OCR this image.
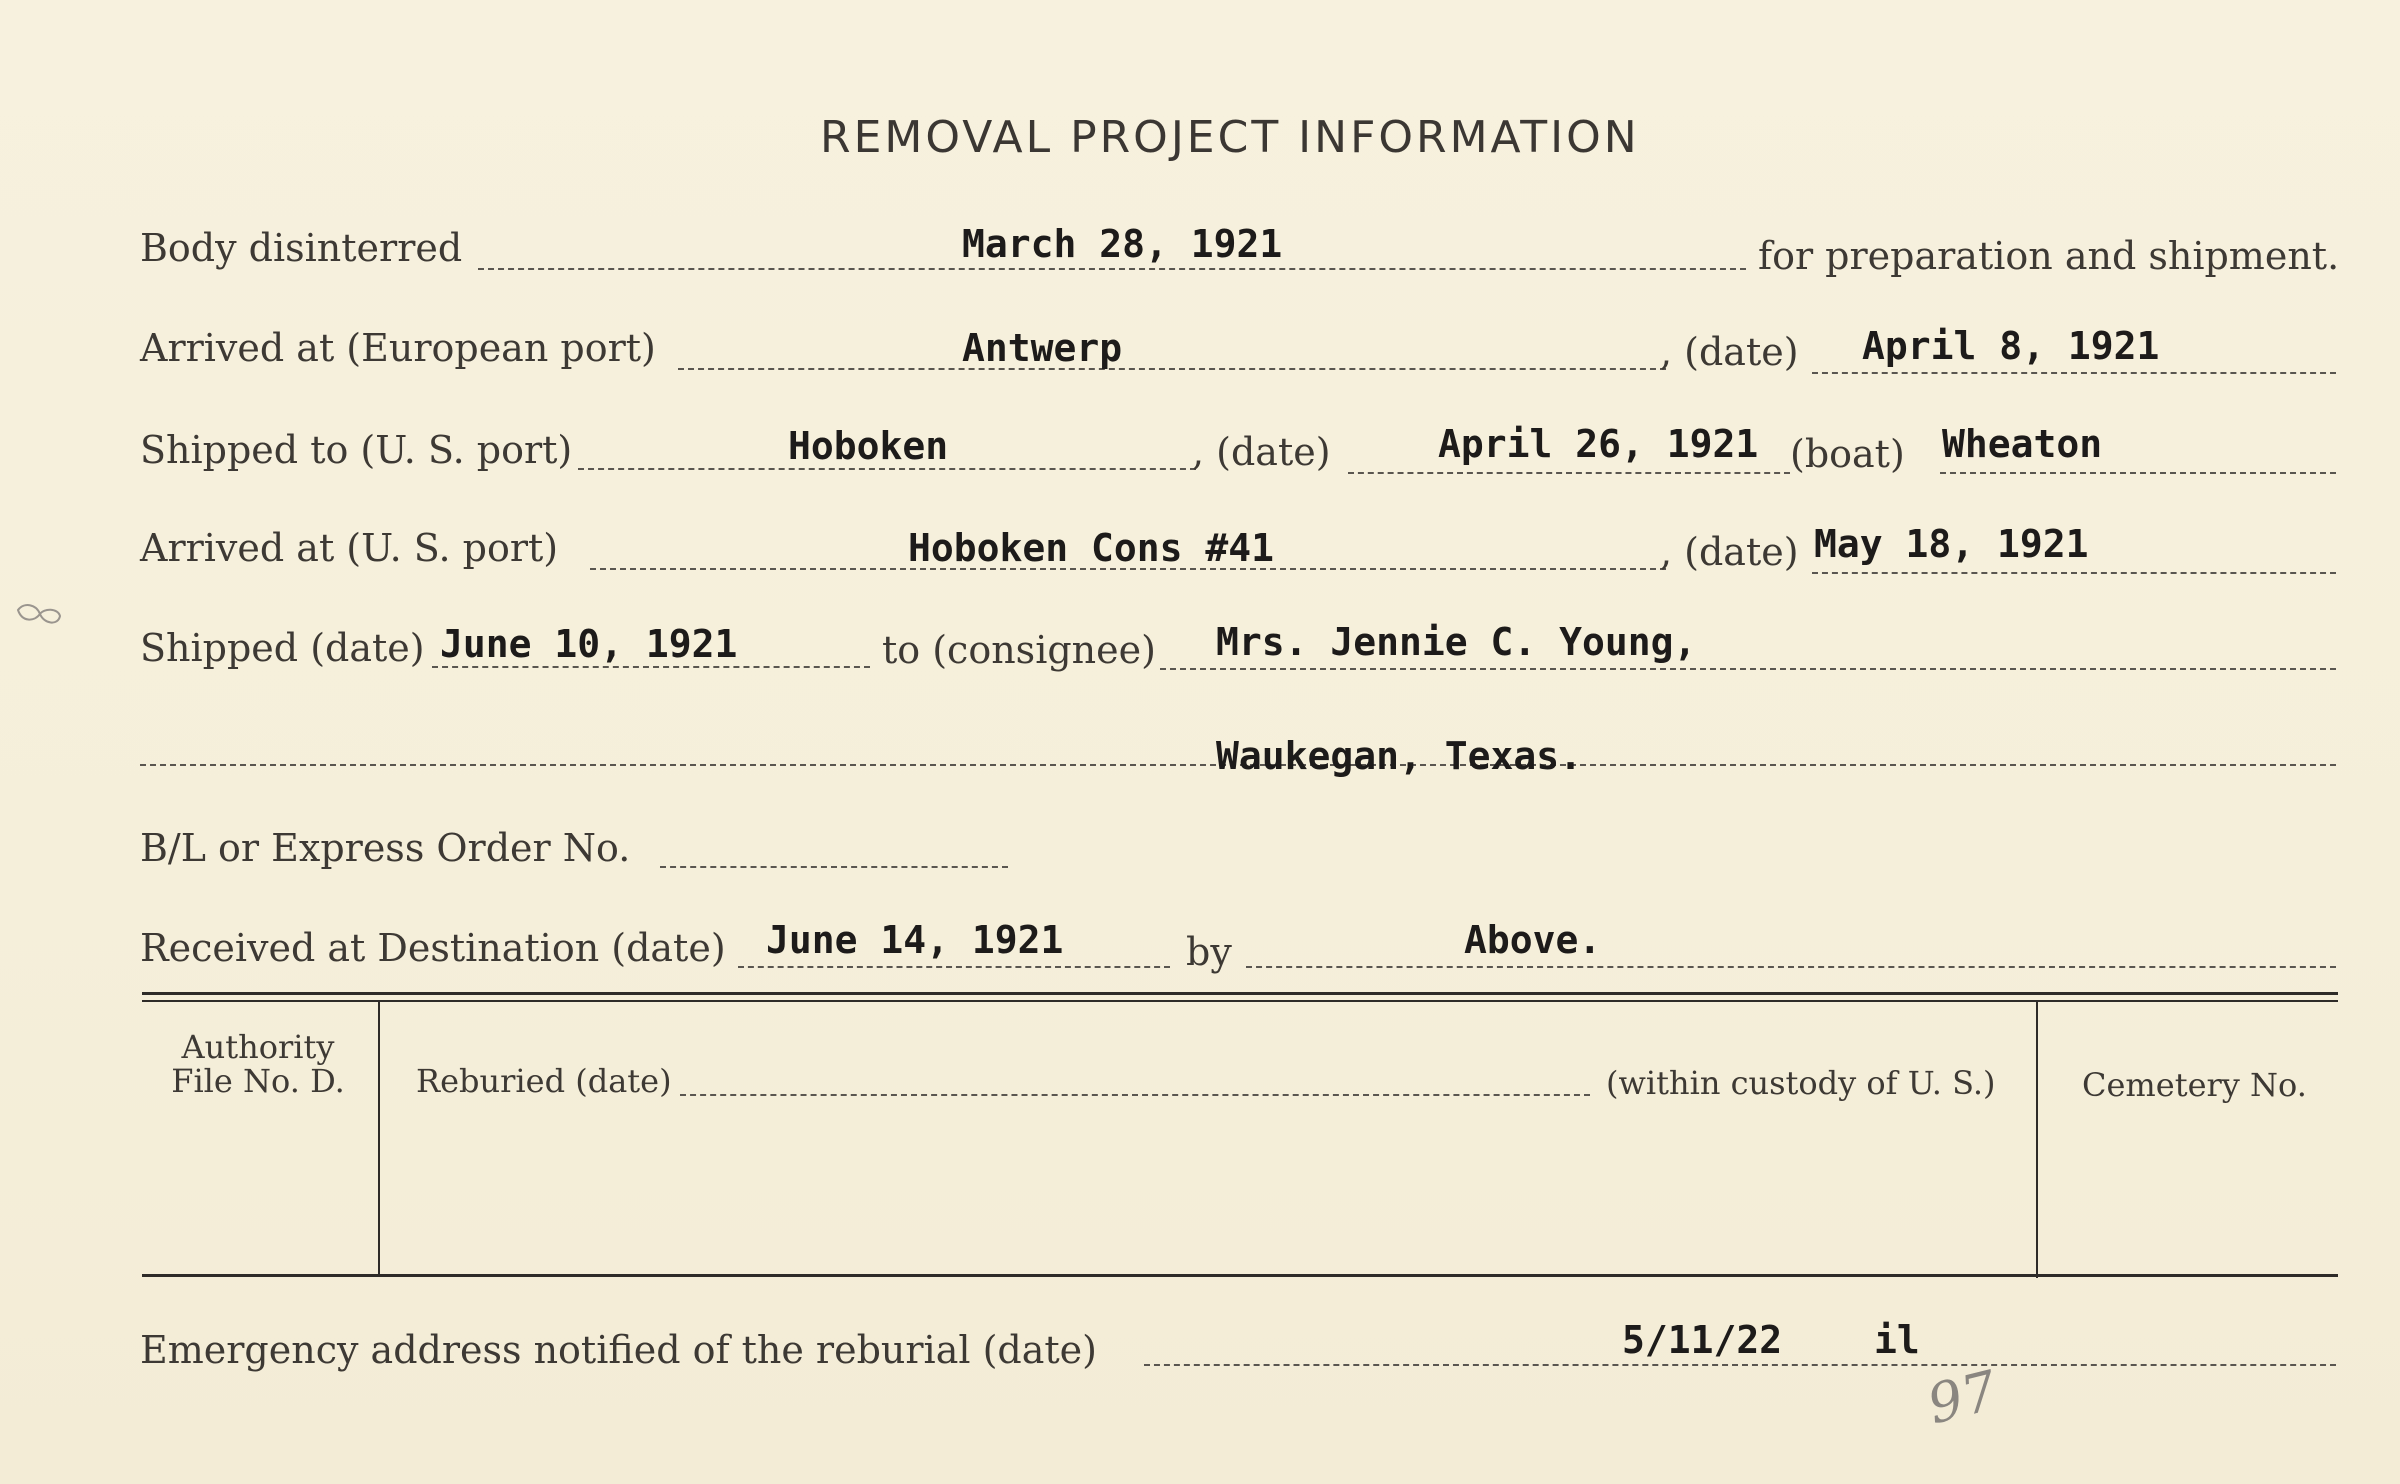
REMOVAL PROJECT INFORMATION
Body disinterred	March 28, 1921	for preparation and shipment.
Arrived at (European port)	Antwerp	, (date) April 8, 1921
Shipped to (U. S. port)	Hoboken	, (date)	April 26, 1921 (boat) Wheaton
Arrived at (U. S. port)	Hoboken Cons #41	, (date) May 18, 1921
Shipped (date) June 10, 1921	to (consignee) Mrs. Jennie C. Young,
Waukegan, Texas.
B/L or Express Order No.
Received at Destination (date) June 14, 1921	by	Above.
Authority
File No. D.	Reburied (date)	(within custody of U. S.)	Cemetery No.
Emergency address notified of the reburial (date)	5/11/22 il
97
